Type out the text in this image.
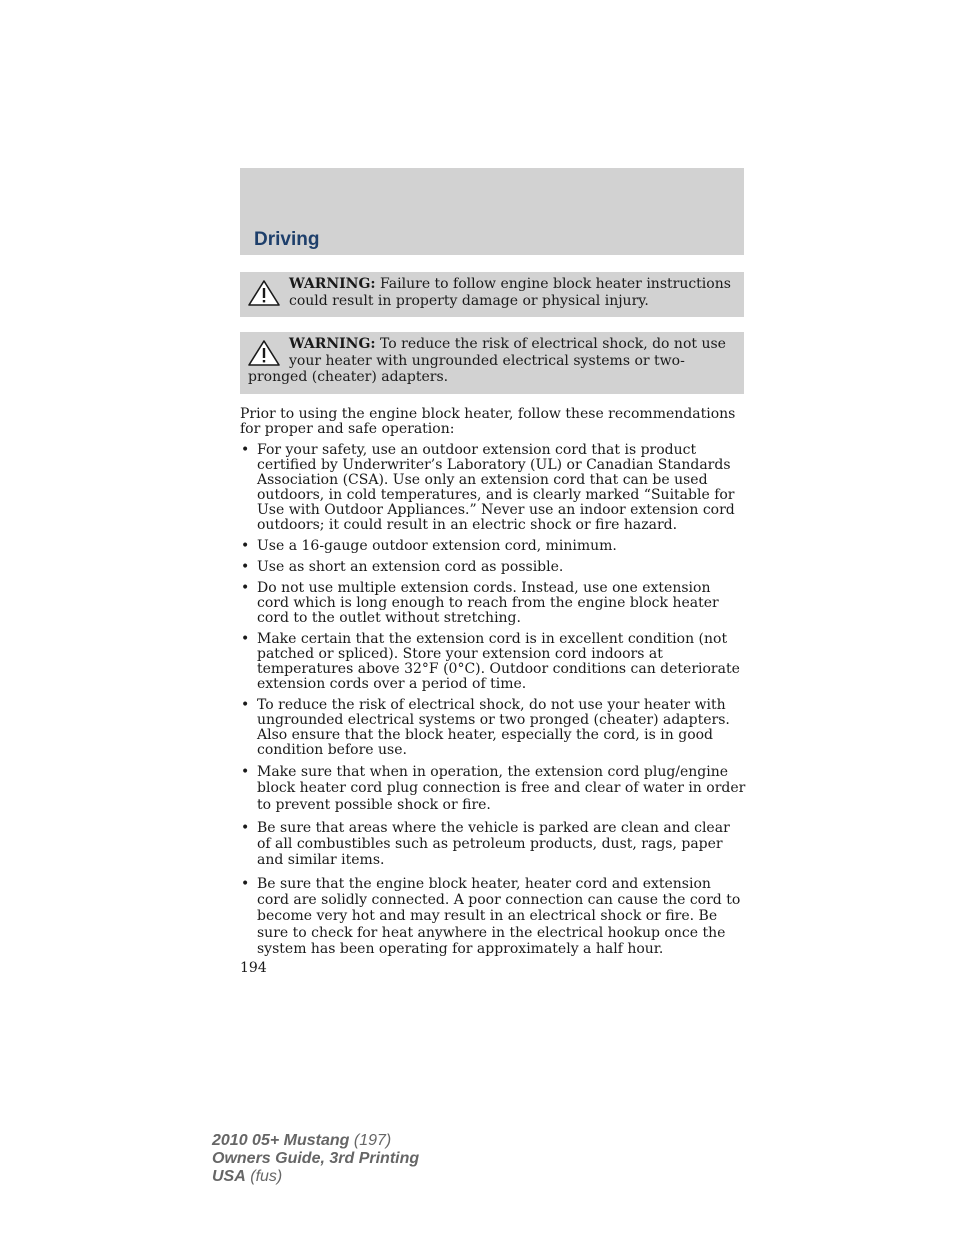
Driving
WARNING: Failure to follow engine block heater instructions could result in property damage or physical injury.
WARNING: To reduce the risk of electrical shock, do not use your heater with ungrounded electrical systems or two-pronged (cheater) adapters.

Prior to using the engine block heater, follow these recommendations for proper and safe operation:

• For your safety, use an outdoor extension cord that is product certified by Underwriter’s Laboratory (UL) or Canadian Standards Association (CSA). Use only an extension cord that can be used outdoors, in cold temperatures, and is clearly marked “Suitable for Use with Outdoor Appliances.” Never use an indoor extension cord outdoors; it could result in an electric shock or fire hazard.
• Use a 16-gauge outdoor extension cord, minimum.
• Use as short an extension cord as possible.
• Do not use multiple extension cords. Instead, use one extension cord which is long enough to reach from the engine block heater cord to the outlet without stretching.
• Make certain that the extension cord is in excellent condition (not patched or spliced). Store your extension cord indoors at temperatures above 32°F (0°C). Outdoor conditions can deteriorate extension cords over a period of time.
• To reduce the risk of electrical shock, do not use your heater with ungrounded electrical systems or two pronged (cheater) adapters. Also ensure that the block heater, especially the cord, is in good condition before use.
• Make sure that when in operation, the extension cord plug/engine block heater cord plug connection is free and clear of water in order to prevent possible shock or fire.
• Be sure that areas where the vehicle is parked are clean and clear of all combustibles such as petroleum products, dust, rags, paper and similar items.
• Be sure that the engine block heater, heater cord and extension cord are solidly connected. A poor connection can cause the cord to become very hot and may result in an electrical shock or fire. Be sure to check for heat anywhere in the electrical hookup once the system has been operating for approximately a half hour.
194
2010 05+ Mustang (197)
Owners Guide, 3rd Printing
USA (fus)
